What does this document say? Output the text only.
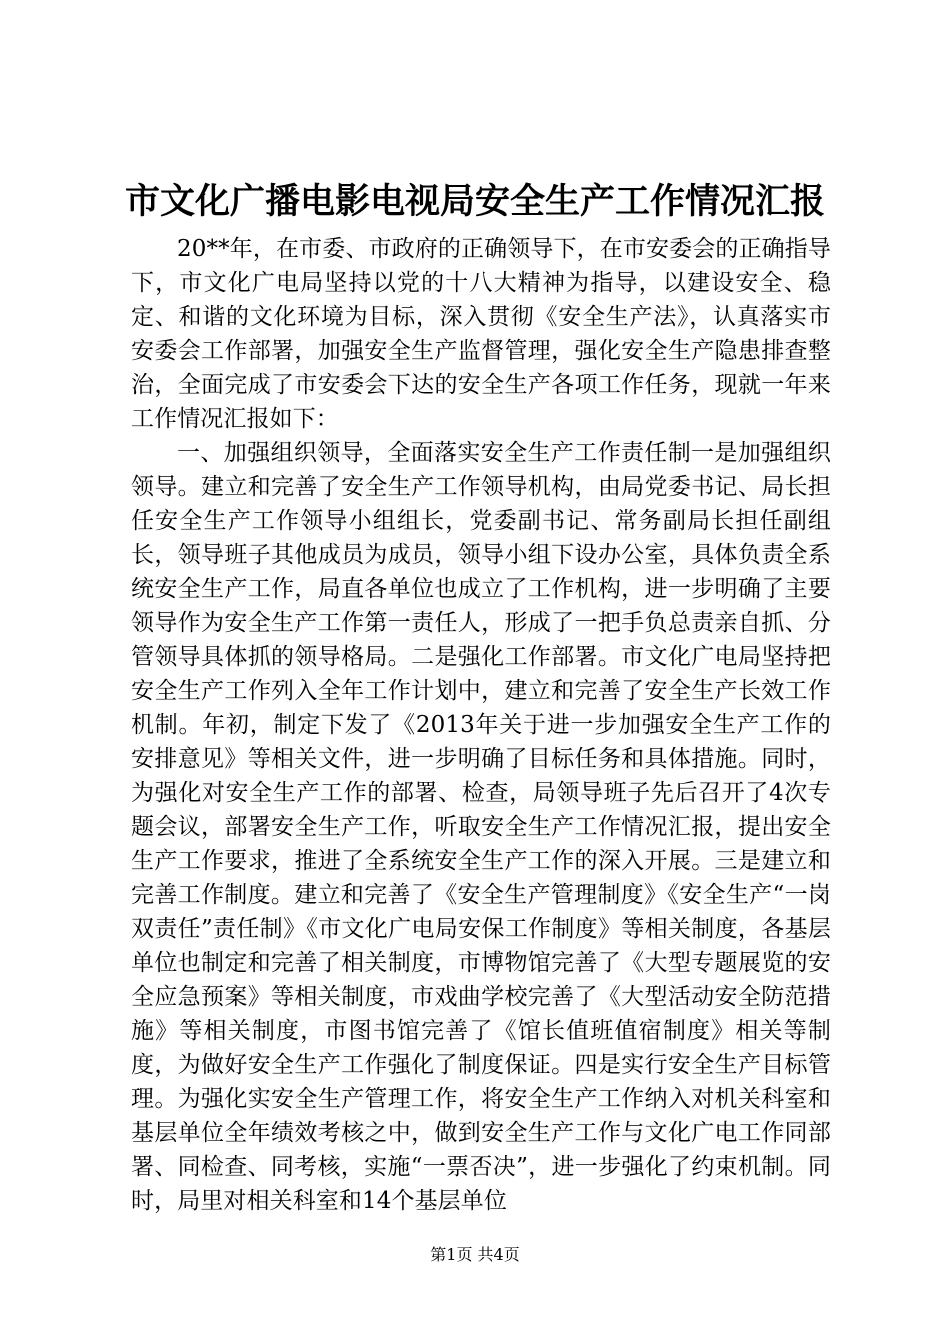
市文化广播电影电视局安全生产工作情况汇报

20**年，在市委、市政府的正确领导下，在市安委会的正确指导下，市文化广电局坚持以党的十八大精神为指导，以建设安全、稳定、和谐的文化环境为目标，深入贯彻《安全生产法》，认真落实市安委会工作部署，加强安全生产监督管理，强化安全生产隐患排查整治，全面完成了市安委会下达的安全生产各项工作任务，现就一年来工作情况汇报如下：

一、加强组织领导，全面落实安全生产工作责任制一是加强组织领导。建立和完善了安全生产工作领导机构，由局党委书记、局长担任安全生产工作领导小组组长，党委副书记、常务副局长担任副组长，领导班子其他成员为成员，领导小组下设办公室，具体负责全系统安全生产工作，局直各单位也成立了工作机构，进一步明确了主要领导作为安全生产工作第一责任人，形成了一把手负总责亲自抓、分管领导具体抓的领导格局。二是强化工作部署。市文化广电局坚持把安全生产工作列入全年工作计划中，建立和完善了安全生产长效工作机制。年初，制定下发了《2013年关于进一步加强安全生产工作的安排意见》等相关文件，进一步明确了目标任务和具体措施。同时，为强化对安全生产工作的部署、检查，局领导班子先后召开了4次专题会议，部署安全生产工作，听取安全生产工作情况汇报，提出安全生产工作要求，推进了全系统安全生产工作的深入开展。三是建立和完善工作制度。建立和完善了《安全生产管理制度》《安全生产“一岗双责任”责任制》《市文化广电局安保工作制度》等相关制度，各基层单位也制定和完善了相关制度，市博物馆完善了《大型专题展览的安全应急预案》等相关制度，市戏曲学校完善了《大型活动安全防范措施》等相关制度，市图书馆完善了《馆长值班值宿制度》相关等制度，为做好安全生产工作强化了制度保证。四是实行安全生产目标管理。为强化实安全生产管理工作，将安全生产工作纳入对机关科室和基层单位全年绩效考核之中，做到安全生产工作与文化广电工作同部署、同检查、同考核，实施“一票否决”，进一步强化了约束机制。同时，局里对相关科室和14个基层单位

第1页 共4页
